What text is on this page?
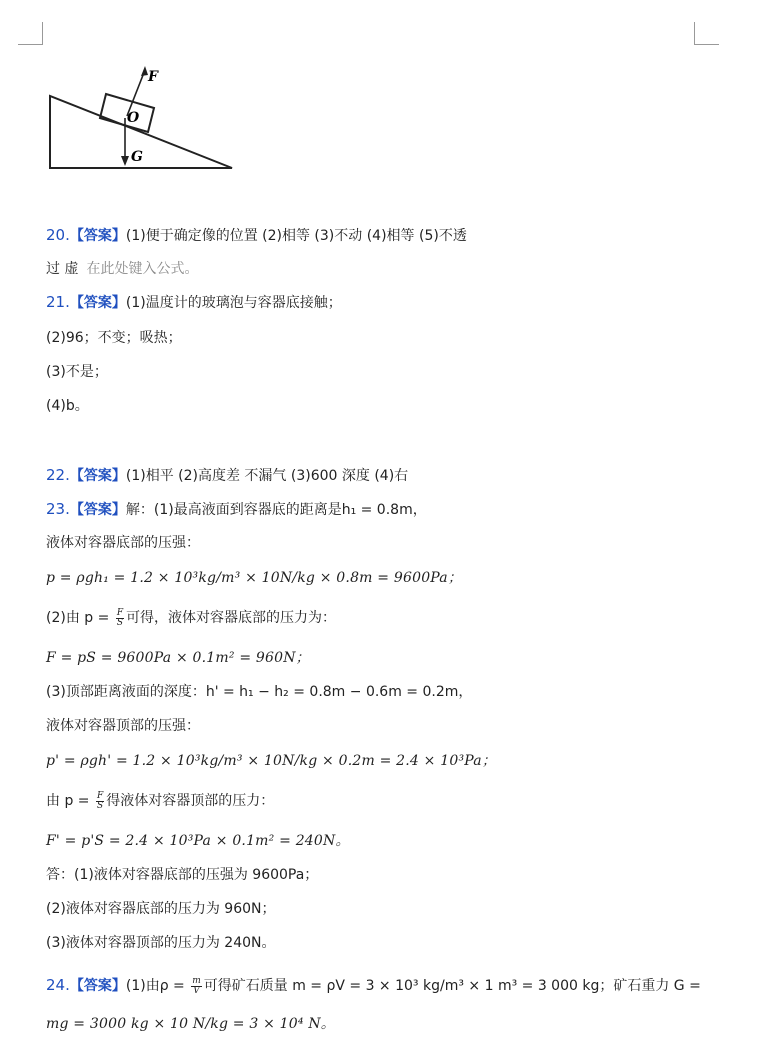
F
O
G
20.【答案】(1)便于确定像的位置 (2)相等 (3)不动 (4)相等 (5)不透
过 虚 在此处键入公式。
21.【答案】(1)温度计的玻璃泡与容器底接触；
(2)96；不变；吸热；
(3)不是；
(4)b。
22.【答案】(1)相平 (2)高度差 不漏气 (3)600 深度 (4)右
23.【答案】解：(1)最高液面到容器底的距离是h₁ = 0.8m，
液体对容器底部的压强：
p = ρgh₁ = 1.2 × 10³kg/m³ × 10N/kg × 0.8m = 9600Pa；
(2)由 $p = \frac{F}{S}$ 可得，液体对容器底部的压力为：
F = pS = 9600Pa × 0.1m² = 960N；
(3)顶部距离液面的深度：h' = h₁ − h₂ = 0.8m − 0.6m = 0.2m，
液体对容器顶部的压强：
p' = ρgh' = 1.2 × 10³kg/m³ × 10N/kg × 0.2m = 2.4 × 10³Pa；
由 $p = \frac{F}{S}$ 得液体对容器顶部的压力：
F' = p'S = 2.4 × 10³Pa × 0.1m² = 240N。
答：(1)液体对容器底部的压强为 9600Pa；
(2)液体对容器底部的压力为 960N；
(3)液体对容器顶部的压力为 240N。
24.【答案】(1)由$\rho = \frac{m}{V}$ 可得矿石质量 m = ρV = 3 × 10³ kg/m³ × 1 m³ = 3 000 kg；矿石重力 G =
mg = 3000 kg × 10 N/kg = 3 × 10⁴ N。
